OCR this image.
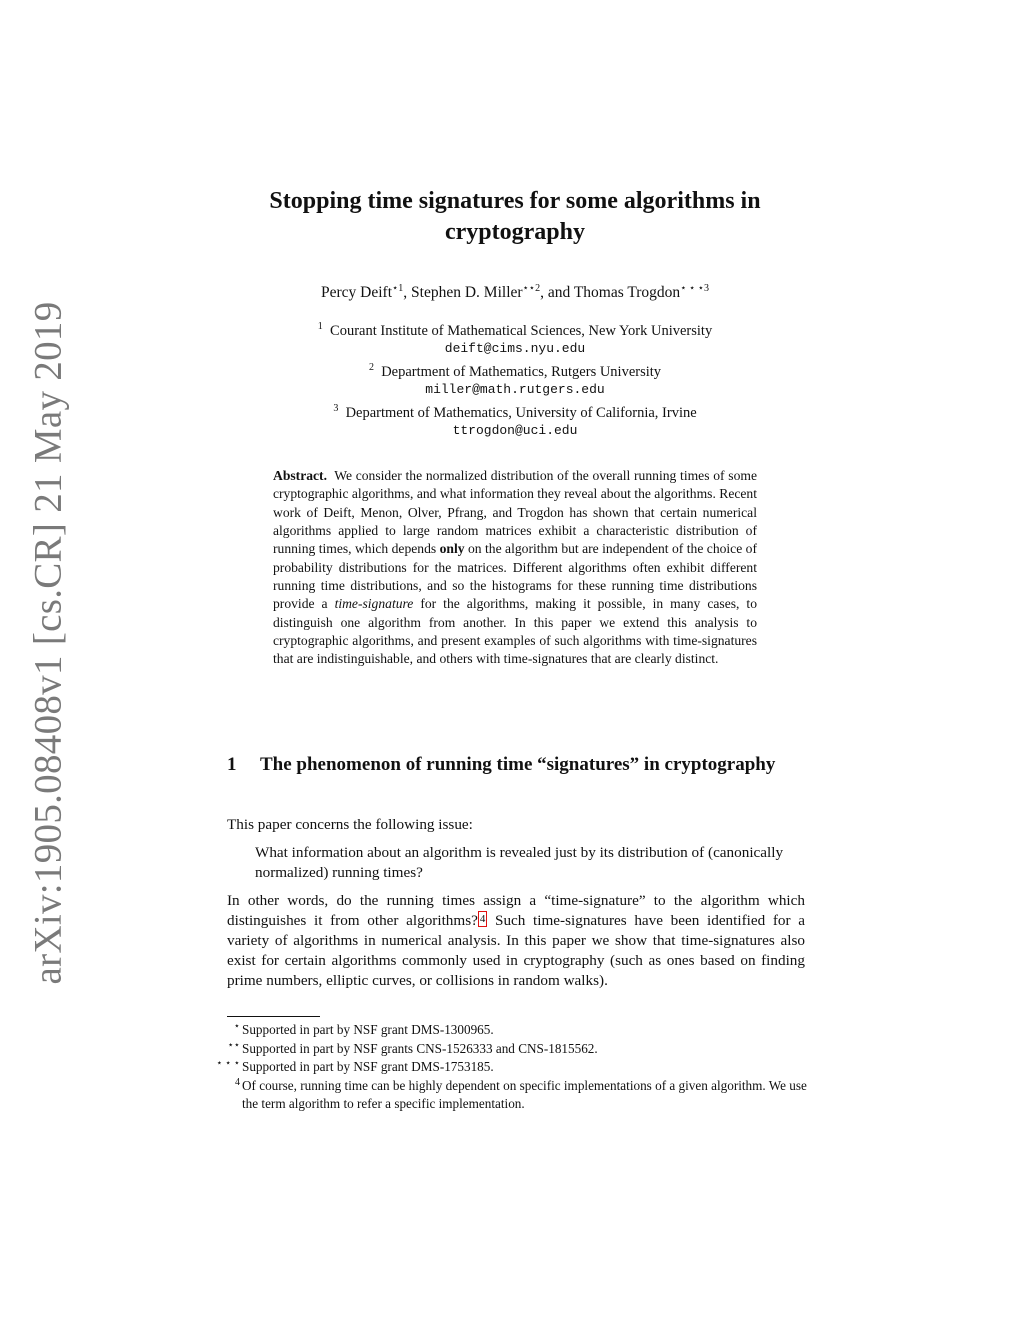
arXiv:1905.08408v1 [cs.CR] 21 May 2019
Stopping time signatures for some algorithms in cryptography
Percy Deift$^{⋆1}$, Stephen D. Miller$^{⋆⋆2}$, and Thomas Trogdon$^{⋆ ⋆ ⋆3}$
$^1$ Courant Institute of Mathematical Sciences, New York University
deift@cims.nyu.edu
$^2$ Department of Mathematics, Rutgers University
miller@math.rutgers.edu
$^3$ Department of Mathematics, University of California, Irvine
ttrogdon@uci.edu
Abstract. We consider the normalized distribution of the overall running times of some cryptographic algorithms, and what information they reveal about the algorithms. Recent work of Deift, Menon, Olver, Pfrang, and Trogdon has shown that certain numerical algorithms applied to large random matrices exhibit a characteristic distribution of running times, which depends only on the algorithm but are independent of the choice of probability distributions for the matrices. Different algorithms often exhibit different running time distributions, and so the histograms for these running time distributions provide a time-signature for the algorithms, making it possible, in many cases, to distinguish one algorithm from another. In this paper we extend this analysis to cryptographic algorithms, and present examples of such algorithms with time-signatures that are indistinguishable, and others with time-signatures that are clearly distinct.
1 The phenomenon of running time “signatures” in cryptography
This paper concerns the following issue:
What information about an algorithm is revealed just by its distribution of (canonically normalized) running times?
In other words, do the running times assign a “time-signature” to the algorithm which distinguishes it from other algorithms? $^4$ Such time-signatures have been identified for a variety of algorithms in numerical analysis. In this paper we show that time-signatures also exist for certain algorithms commonly used in cryptography (such as ones based on finding prime numbers, elliptic curves, or collisions in random walks).
⋆ Supported in part by NSF grant DMS-1300965.
⋆⋆ Supported in part by NSF grants CNS-1526333 and CNS-1815562.
⋆ ⋆ ⋆ Supported in part by NSF grant DMS-1753185.
4 Of course, running time can be highly dependent on specific implementations of a given algorithm. We use the term algorithm to refer a specific implementation.
